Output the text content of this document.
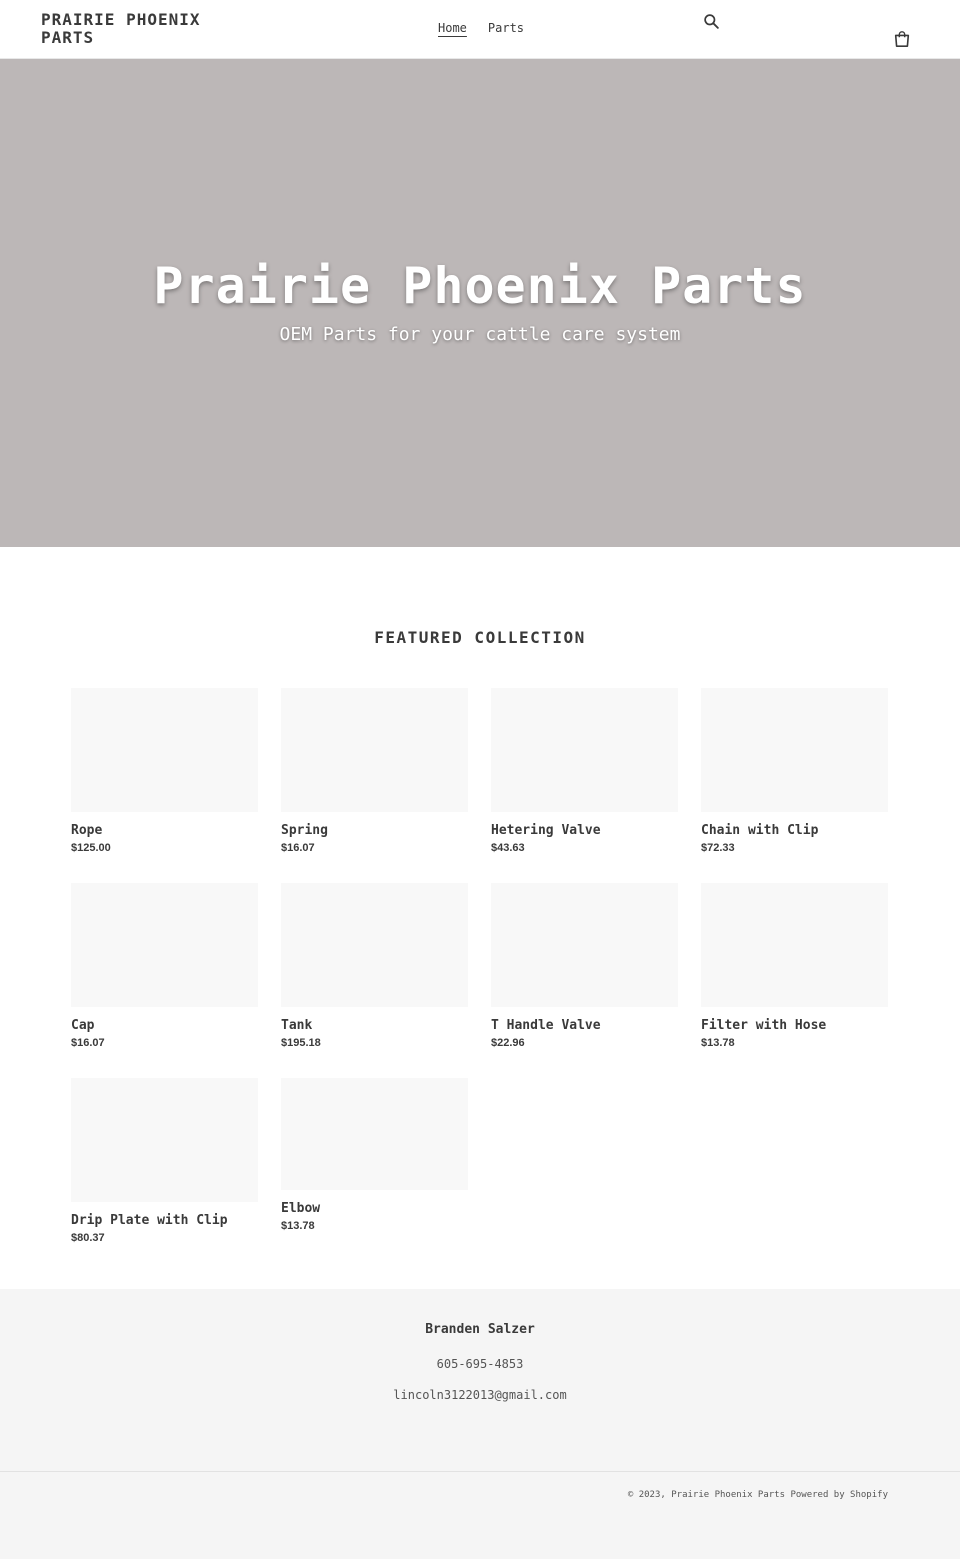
PRAIRIE PHOENIX PARTS	Home Parts
Prairie Phoenix Parts

OEM Parts for your cattle care system

FEATURED COLLECTION
Rope
$125.00
Spring
$16.07
Hetering Valve
$43.63
Chain with Clip
$72.33
Cap
$16.07
Tank
$195.18
T Handle Valve
$22.96
Filter with Hose
$13.78
Drip Plate with Clip
$80.37
Elbow
$13.78
Branden Salzer
605-695-4853
lincoln3122013@gmail.com
© 2023, Prairie Phoenix Parts Powered by Shopify
